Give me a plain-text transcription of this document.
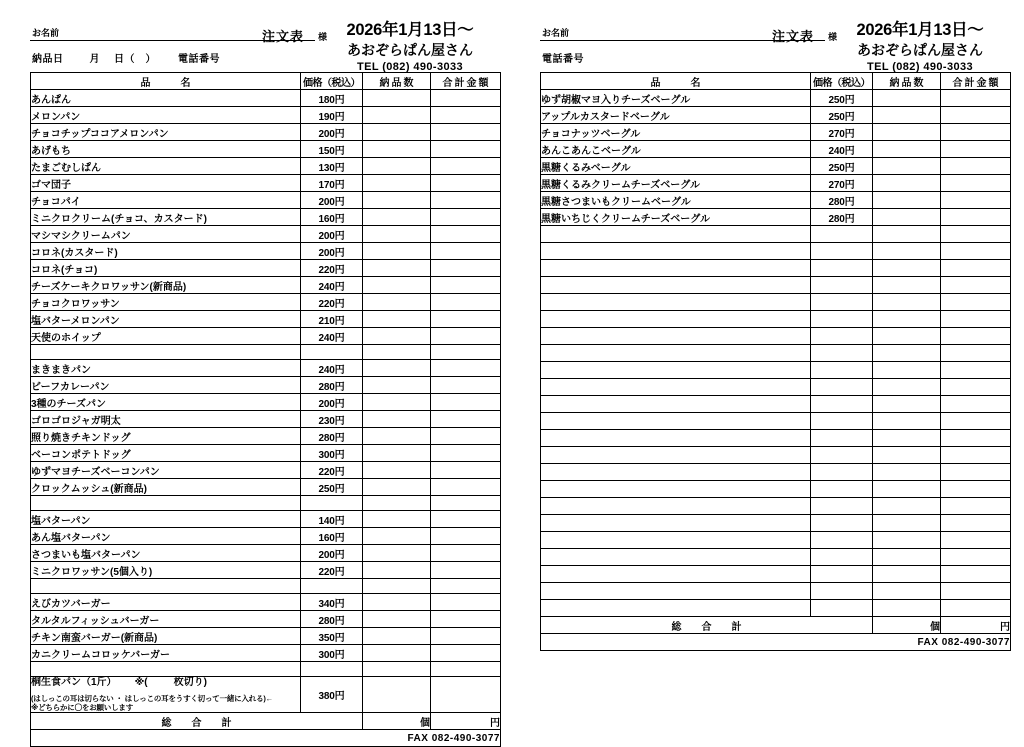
注文表
お名前	様
納品日	月 日（　） 電話番号
2026年1月13日～
あおぞらぱん屋さん
TEL (082) 490-3033
品　名	価格（税込）	納品数	合計金額
あんぱん	180円		
メロンパン	190円		
チョコチップココアメロンパン	200円		
あげもち	150円		
たまごむしぱん	130円		
ゴマ団子	170円		
チョコパイ	200円		
ミニクロクリーム(チョコ、カスタード)	160円		
マシマシクリームパン	200円		
コロネ(カスタード)	200円		
コロネ(チョコ)	220円		
チーズケーキクロワッサン(新商品)	240円		
チョコクロワッサン	220円		
塩バターメロンパン	210円		
天使のホイップ	240円		

まきまきパン	240円		
ビーフカレーパン	280円		
3種のチーズパン	200円		
ゴロゴロジャガ明太	230円		
照り焼きチキンドッグ	280円		
ベーコンポテトドッグ	300円		
ゆずマヨチーズベーコンパン	220円		
クロックムッシュ(新商品)	250円		

塩バターパン	140円		
あん塩バターパン	160円		
さつまいも塩バターパン	200円		
ミニクロワッサン(5個入り)	220円		

えびカツバーガー	340円		
タルタルフィッシュバーガー	280円		
チキン南蛮バーガー(新商品)	350円		
カニクリームコロッケバーガー	300円		

桐生食パン（1斤） ※( 枚切り)
(はしっこの耳は切らない ・ はしっこの耳をうすく切って一緒に入れる)←
※どちらかに〇をお願いします	380円		
総　合　計		個	円
FAX 082-490-3077			
注文表
お名前	様
電話番号
2026年1月13日～
あおぞらぱん屋さん
TEL (082) 490-3033
品　名	価格（税込）	納品数	合計金額
ゆず胡椒マヨ入りチーズベーグル	250円		
アップルカスタードベーグル	250円		
チョコナッツベーグル	270円		
あんこあんこベーグル	240円		
黒糖くるみベーグル	250円		
黒糖くるみクリームチーズベーグル	270円		
黒糖さつまいもクリームベーグル	280円		
黒糖いちじくクリームチーズベーグル	280円		

総　合　計		個	円
FAX 082-490-3077			
